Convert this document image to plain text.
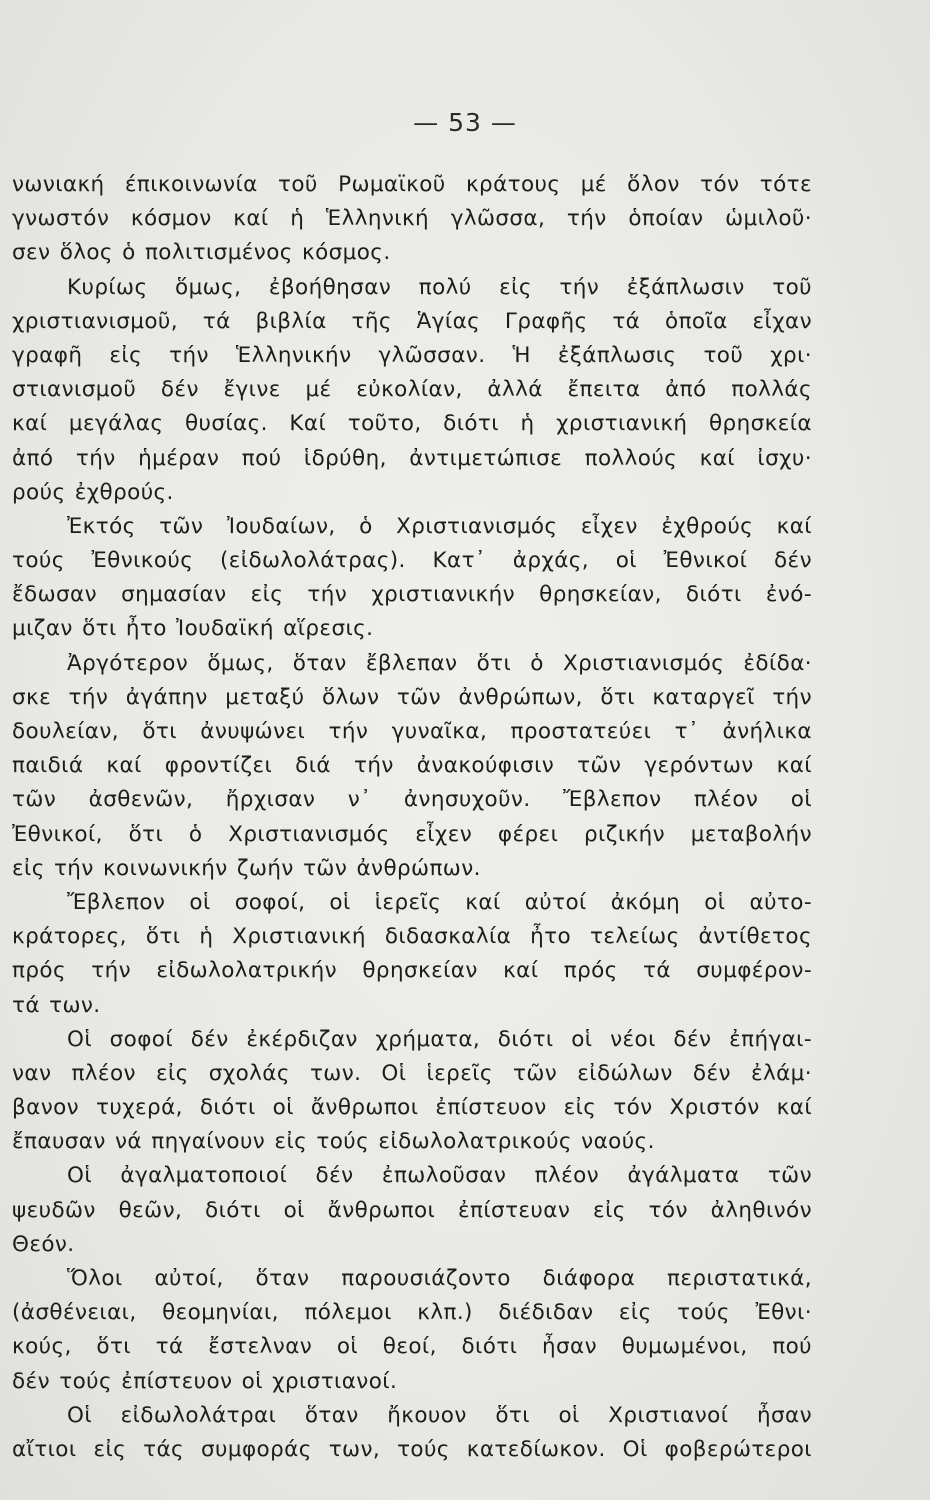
— 53 —
νωνιακή έπικοινωνία τοῦ Ρωμαϊκοῦ κράτους μέ ὅλον τόν τότε
γνωστόν κόσμον καί ἡ Ἑλληνική γλῶσσα, τήν ὁποίαν ὡμιλοῦ·
σεν ὅλος ὁ πολιτισμένος κόσμος.
Κυρίως ὅμως, ἐβοήθησαν πολύ εἰς τήν ἐξάπλωσιν τοῦ
χριστιανισμοῦ, τά βιβλία τῆς Ἁγίας Γραφῆς τά ὁποῖα εἶχαν
γραφῆ εἰς τήν Ἑλληνικήν γλῶσσαν. Ἡ ἐξάπλωσις τοῦ χρι·
στιανισμοῦ δέν ἔγινε μέ εὐκολίαν, ἀλλά ἔπειτα ἀπό πολλάς
καί μεγάλας θυσίας. Καί τοῦτο, διότι ἡ χριστιανική θρησκεία
ἀπό τήν ἡμέραν πού ἱδρύθη, ἀντιμετώπισε πολλούς καί ἰσχυ·
ρούς ἐχθρούς.
Ἐκτός τῶν Ἰουδαίων, ὁ Χριστιανισμός εἶχεν ἐχθρούς καί
τούς Ἐθνικούς (εἰδωλολάτρας). Κατ᾽ ἀρχάς, οἱ Ἐθνικοί δέν
ἔδωσαν σημασίαν εἰς τήν χριστιανικήν θρησκείαν, διότι ἐνό-
μιζαν ὅτι ἦτο Ἰουδαϊκή αἵρεσις.
Ἀργότερον ὅμως, ὅταν ἔβλεπαν ὅτι ὁ Χριστιανισμός ἐδίδα·
σκε τήν ἀγάπην μεταξύ ὅλων τῶν ἀνθρώπων, ὅτι καταργεῖ τήν
δουλείαν, ὅτι ἀνυψώνει τήν γυναῖκα, προστατεύει τ᾽ ἀνήλικα
παιδιά καί φροντίζει διά τήν ἀνακούφισιν τῶν γερόντων καί
τῶν ἀσθενῶν, ἤρχισαν ν᾽ ἀνησυχοῦν. Ἔβλεπον πλέον οἱ
Ἐθνικοί, ὅτι ὁ Χριστιανισμός εἶχεν φέρει ριζικήν μεταβολήν
εἰς τήν κοινωνικήν ζωήν τῶν ἀνθρώπων.
Ἔβλεπον οἱ σοφοί, οἱ ἱερεῖς καί αὐτοί ἀκόμη οἱ αὐτο-
κράτορες, ὅτι ἡ Χριστιανική διδασκαλία ἦτο τελείως ἀντίθετος
πρός τήν εἰδωλολατρικήν θρησκείαν καί πρός τά συμφέρον-
τά των.
Οἱ σοφοί δέν ἐκέρδιζαν χρήματα, διότι οἱ νέοι δέν ἐπήγαι-
ναν πλέον εἰς σχολάς των. Οἱ ἱερεῖς τῶν εἰδώλων δέν ἐλάμ·
βανον τυχερά, διότι οἱ ἄνθρωποι ἐπίστευον εἰς τόν Χριστόν καί
ἔπαυσαν νά πηγαίνουν εἰς τούς εἰδωλολατρικούς ναούς.
Οἱ ἀγαλματοποιοί δέν ἐπωλοῦσαν πλέον ἀγάλματα τῶν
ψευδῶν θεῶν, διότι οἱ ἄνθρωποι ἐπίστευαν εἰς τόν ἀληθινόν
Θεόν.
Ὅλοι αὐτοί, ὅταν παρουσιάζοντο διάφορα περιστατικά,
(ἀσθένειαι, θεομηνίαι, πόλεμοι κλπ.) διέδιδαν εἰς τούς Ἐθνι·
κούς, ὅτι τά ἔστελναν οἱ θεοί, διότι ἦσαν θυμωμένοι, πού
δέν τούς ἐπίστευον οἱ χριστιανοί.
Οἱ εἰδωλολάτραι ὅταν ἤκουον ὅτι οἱ Χριστιανοί ἦσαν
αἴτιοι εἰς τάς συμφοράς των, τούς κατεδίωκον. Οἱ φοβερώτεροι
